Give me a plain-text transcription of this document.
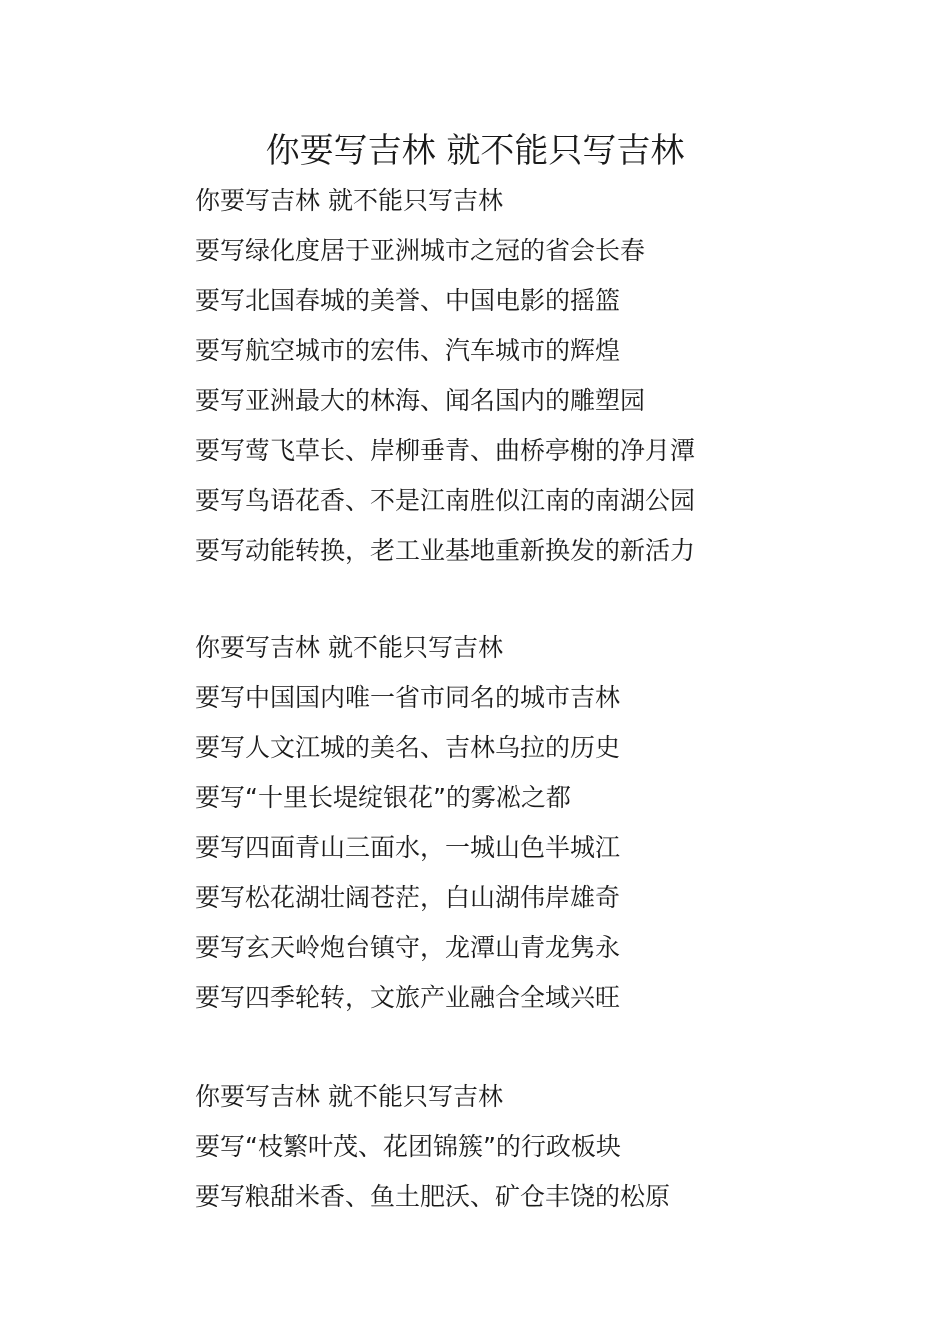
你要写吉林 就不能只写吉林
你要写吉林 就不能只写吉林
要写绿化度居于亚洲城市之冠的省会长春
要写北国春城的美誉、中国电影的摇篮
要写航空城市的宏伟、汽车城市的辉煌
要写亚洲最大的林海、闻名国内的雕塑园
要写莺飞草长、岸柳垂青、曲桥亭榭的净月潭
要写鸟语花香、不是江南胜似江南的南湖公园
要写动能转换，老工业基地重新换发的新活力
你要写吉林 就不能只写吉林
要写中国国内唯一省市同名的城市吉林
要写人文江城的美名、吉林乌拉的历史
要写“十里长堤绽银花”的雾凇之都
要写四面青山三面水，一城山色半城江
要写松花湖壮阔苍茫，白山湖伟岸雄奇
要写玄天岭炮台镇守，龙潭山青龙隽永
要写四季轮转，文旅产业融合全域兴旺
你要写吉林 就不能只写吉林
要写“枝繁叶茂、花团锦簇”的行政板块
要写粮甜米香、鱼土肥沃、矿仓丰饶的松原
